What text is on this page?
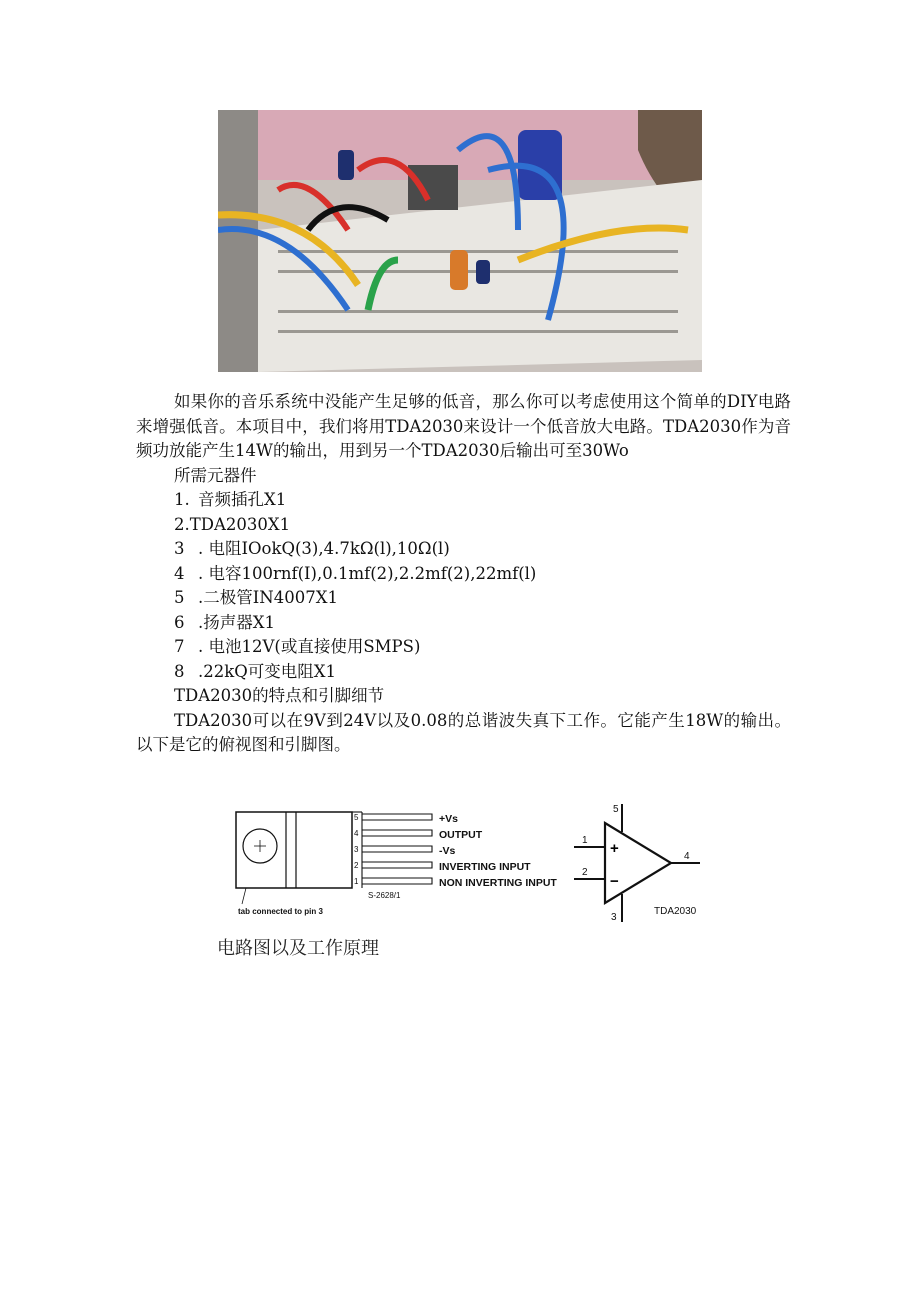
如果你的音乐系统中没能产生足够的低音，那么你可以考虑使用这个简单的DIY电路来增强低音。本项目中，我们将用TDA2030来设计一个低音放大电路。TDA2030作为音频功放能产生14W的输出，用到另一个TDA2030后输出可至30Wo

所需元器件

1. 音频插孔X1

2.TDA2030X1

3 . 电阻IOokQ(3),4.7kΩ(l),10Ω(l)

4 . 电容100rnf(I),0.1mf(2),2.2mf(2),22mf(l)

5 .二极管IN4007X1

6 .扬声器X1

7 . 电池12V(或直接使用SMPS)

8 .22kQ可变电阻X1

TDA2030的特点和引脚细节

TDA2030可以在9V到24V以及0.08的总谐波失真下工作。它能产生18W的输出。以下是它的俯视图和引脚图。

5
4
3
2
1
+Vs
OUTPUT
-Vs
INVERTING INPUT
NON INVERTING INPUT
S-2628/1
tab connected to pin 3
+
−
5
1
2
4
3
TDA2030
电路图以及工作原理
